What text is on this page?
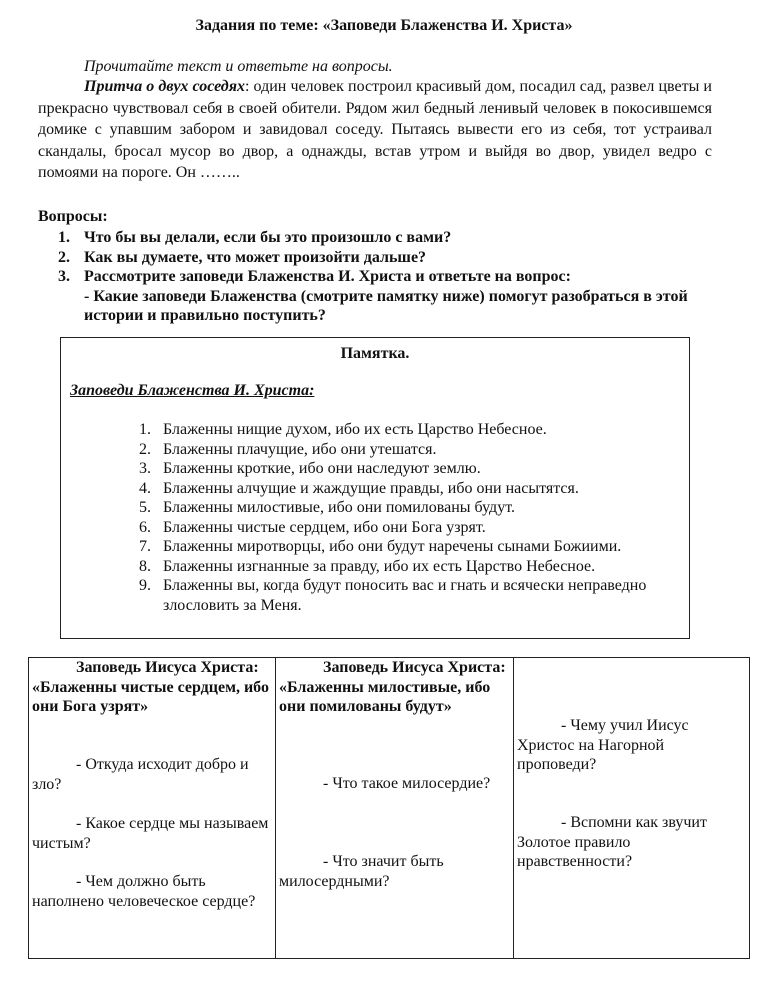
Задания по теме: «Заповеди Блаженства И. Христа»
Прочитайте текст и ответьте на вопросы.

Притча о двух соседях: один человек построил красивый дом, посадил сад, развел цветы и прекрасно чувствовал себя в своей обители. Рядом жил бедный ленивый человек в покосившемся домике с упавшим забором и завидовал соседу. Пытаясь вывести его из себя, тот устраивал скандалы, бросал мусор во двор, а однажды, встав утром и выйдя во двор, увидел ведро с помоями на пороге. Он ……..

Вопросы:
1. Что бы вы делали, если бы это произошло с вами?
2. Как вы думаете, что может произойти дальше?
3. Рассмотрите заповеди Блаженства И. Христа и ответьте на вопрос:
- Какие заповеди Блаженства (смотрите памятку ниже) помогут разобраться в этой истории и правильно поступить?
Памятка.
Заповеди Блаженства И. Христа:
1. Блаженны нищие духом, ибо их есть Царство Небесное.
2. Блаженны плачущие, ибо они утешатся.
3. Блаженны кроткие, ибо они наследуют землю.
4. Блаженны алчущие и жаждущие правды, ибо они насытятся.
5. Блаженны милостивые, ибо они помилованы будут.
6. Блаженны чистые сердцем, ибо они Бога узрят.
7. Блаженны миротворцы, ибо они будут наречены сынами Божиими.
8. Блаженны изгнанные за правду, ибо их есть Царство Небесное.
9. Блаженны вы, когда будут поносить вас и гнать и всячески неправедно злословить за Меня.

Заповедь Иисуса Христа: «Блаженны чистые сердцем, ибо они Бога узрят»

- Откуда исходит добро и зло?

- Какое сердце мы называем чистым?

- Чем должно быть наполнено человеческое сердце?

Заповедь Иисуса Христа: «Блаженны милостивые, ибо они помилованы будут»

- Что такое милосердие?

- Что значит быть милосердными?

- Чему учил Иисус Христос на Нагорной проповеди?

- Вспомни как звучит Золотое правило нравственности?
